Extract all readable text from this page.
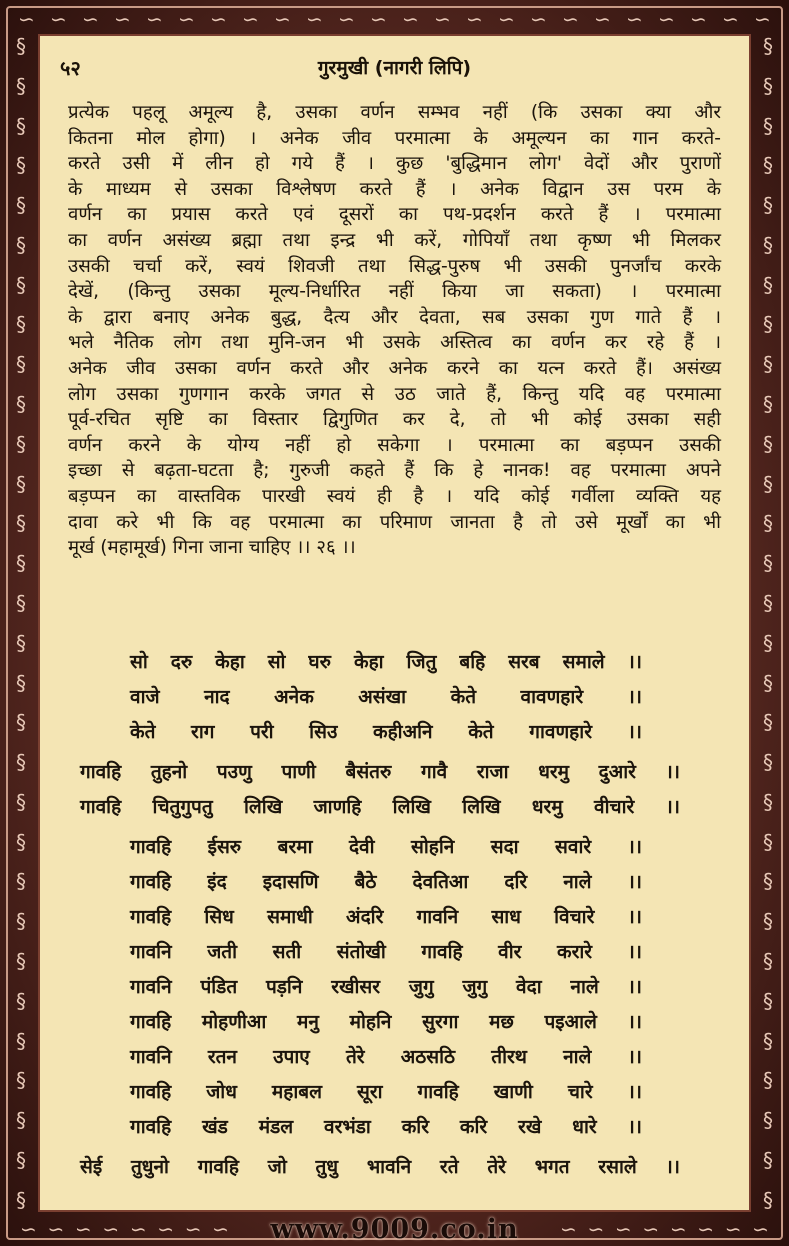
∽ ∽ ∽ ∽ ∽ ∽ ∽ ∽ ∽ ∽ ∽ ∽ ∽ ∽ ∽ ∽ ∽ ∽ ∽ ∽ ∽ ∽ ∽ ∽
§
§
§
§
§
§
§
§
§
§
§
§
§
§
§
§
§
§
§
§
§
§
§
§
§
§
§
§
§
§
§
§
§
§
§
§
§
§
§
§
§
§
§
§
§
§
§
§
§
§
§
§
§
§
§
§
§
§
§
§
∽ ∽ ∽ ∽ ∽ ∽ ∽ ∽	∽ ∽ ∽ ∽ ∽ ∽ ∽ ∽
५२	गुरमुखी (नागरी लिपि)
प्रत्येक पहलू अमूल्य है, उसका वर्णन सम्भव नहीं (कि उसका क्या और
कितना मोल होगा) । अनेक जीव परमात्मा के अमूल्यन का गान करते-
करते उसी में लीन हो गये हैं । कुछ 'बुद्धिमान लोग' वेदों और पुराणों
के माध्यम से उसका विश्लेषण करते हैं । अनेक विद्वान उस परम के
वर्णन का प्रयास करते एवं दूसरों का पथ-प्रदर्शन करते हैं । परमात्मा
का वर्णन असंख्य ब्रह्मा तथा इन्द्र भी करें, गोपियाँ तथा कृष्ण भी मिलकर
उसकी चर्चा करें, स्वयं शिवजी तथा सिद्ध-पुरुष भी उसकी पुनर्जांच करके
देखें, (किन्तु उसका मूल्य-निर्धारित नहीं किया जा सकता) । परमात्मा
के द्वारा बनाए अनेक बुद्ध, दैत्य और देवता, सब उसका गुण गाते हैं ।
भले नैतिक लोग तथा मुनि-जन भी उसके अस्तित्व का वर्णन कर रहे हैं ।
अनेक जीव उसका वर्णन करते और अनेक करने का यत्न करते हैं। असंख्य
लोग उसका गुणगान करके जगत से उठ जाते हैं, किन्तु यदि वह परमात्मा
पूर्व-रचित सृष्टि का विस्तार द्विगुणित कर दे, तो भी कोई उसका सही
वर्णन करने के योग्य नहीं हो सकेगा । परमात्मा का बड़प्पन उसकी
इच्छा से बढ़ता-घटता है; गुरुजी कहते हैं कि हे नानक! वह परमात्मा अपने
बड़प्पन का वास्तविक पारखी स्वयं ही है । यदि कोई गर्वीला व्यक्ति यह
दावा करे भी कि वह परमात्मा का परिमाण जानता है तो उसे मूर्खों का भी
मूर्ख (महामूर्ख) गिना जाना चाहिए ।। २६ ।।
सो दरु केहा सो घरु केहा जितु बहि सरब समाले ।।
वाजे नाद अनेक असंखा केते वावणहारे ।।
केते राग परी सिउ कहीअनि केते गावणहारे ।।
गावहि तुहनो पउणु पाणी बैसंतरु गावै राजा धरमु दुआरे ।।
गावहि चितुगुपतु लिखि जाणहि लिखि लिखि धरमु वीचारे ।।
गावहि ईसरु बरमा देवी सोहनि सदा सवारे ।।
गावहि इंद इदासणि बैठे देवतिआ दरि नाले ।।
गावहि सिध समाधी अंदरि गावनि साध विचारे ।।
गावनि जती सती संतोखी गावहि वीर करारे ।।
गावनि पंडित पड़नि रखीसर जुगु जुगु वेदा नाले ।।
गावहि मोहणीआ मनु मोहनि सुरगा मछ पइआले ।।
गावनि रतन उपाए तेरे अठसठि तीरथ नाले ।।
गावहि जोध महाबल सूरा गावहि खाणी चारे ।।
गावहि खंड मंडल वरभंडा करि करि रखे धारे ।।
सेई तुधुनो गावहि जो तुधु भावनि रते तेरे भगत रसाले ।।
www.9009.co.in
